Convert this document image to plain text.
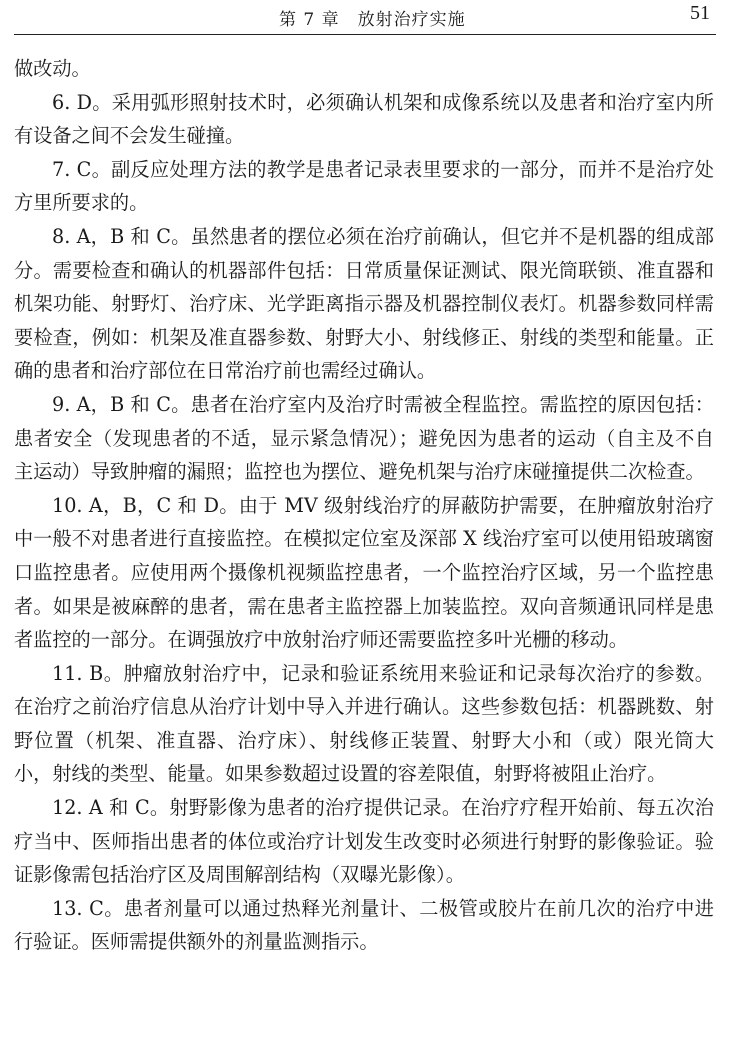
第 7 章　放射治疗实施	51

做改动。

6. D。采用弧形照射技术时，必须确认机架和成像系统以及患者和治疗室内所有设备之间不会发生碰撞。

7. C。副反应处理方法的教学是患者记录表里要求的一部分，而并不是治疗处方里所要求的。

8. A，B 和 C。虽然患者的摆位必须在治疗前确认，但它并不是机器的组成部分。需要检查和确认的机器部件包括：日常质量保证测试、限光筒联锁、准直器和机架功能、射野灯、治疗床、光学距离指示器及机器控制仪表灯。机器参数同样需要检查，例如：机架及准直器参数、射野大小、射线修正、射线的类型和能量。正确的患者和治疗部位在日常治疗前也需经过确认。

9. A，B 和 C。患者在治疗室内及治疗时需被全程监控。需监控的原因包括：患者安全（发现患者的不适，显示紧急情况）；避免因为患者的运动（自主及不自主运动）导致肿瘤的漏照；监控也为摆位、避免机架与治疗床碰撞提供二次检查。

10. A，B，C 和 D。由于 MV 级射线治疗的屏蔽防护需要，在肿瘤放射治疗中一般不对患者进行直接监控。在模拟定位室及深部 X 线治疗室可以使用铅玻璃窗口监控患者。应使用两个摄像机视频监控患者，一个监控治疗区域，另一个监控患者。如果是被麻醉的患者，需在患者主监控器上加装监控。双向音频通讯同样是患者监控的一部分。在调强放疗中放射治疗师还需要监控多叶光栅的移动。

11. B。肿瘤放射治疗中，记录和验证系统用来验证和记录每次治疗的参数。在治疗之前治疗信息从治疗计划中导入并进行确认。这些参数包括：机器跳数、射野位置（机架、准直器、治疗床）、射线修正装置、射野大小和（或）限光筒大小，射线的类型、能量。如果参数超过设置的容差限值，射野将被阻止治疗。

12. A 和 C。射野影像为患者的治疗提供记录。在治疗疗程开始前、每五次治疗当中、医师指出患者的体位或治疗计划发生改变时必须进行射野的影像验证。验证影像需包括治疗区及周围解剖结构（双曝光影像）。

13. C。患者剂量可以通过热释光剂量计、二极管或胶片在前几次的治疗中进行验证。医师需提供额外的剂量监测指示。
